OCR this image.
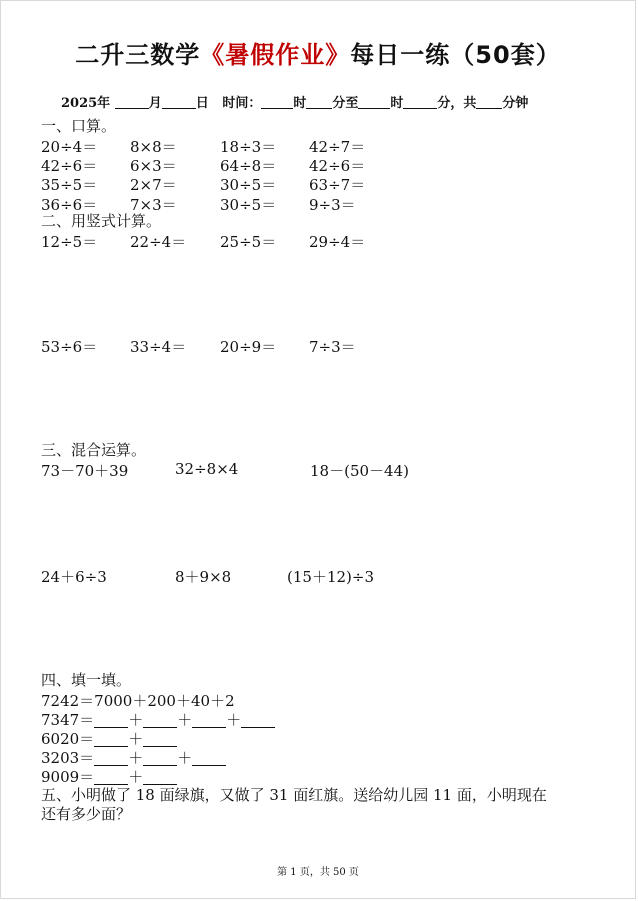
二升三数学《暑假作业》每日一练（50套）
2025年	月	日 时间： 时 分至 时	分，共 分钟
一、口算。
20÷4＝ 8×8＝	18÷3＝ 42÷7＝
42÷6＝ 6×3＝	64÷8＝ 42÷6＝
35÷5＝ 2×7＝	30÷5＝ 63÷7＝
36÷6＝ 7×3＝	30÷5＝ 9÷3＝
二、用竖式计算。
12÷5＝ 22÷4＝ 25÷5＝ 29÷4＝
53÷6＝ 33÷4＝ 20÷9＝ 7÷3＝
三、混合运算。
73－70＋39	32÷8×4	18－(50－44)
24＋6÷3	8＋9×8	(15＋12)÷3
四、填一填。
7242＝7000＋200＋40＋2
7347＝ ＋ ＋ ＋
6020＝ ＋
3203＝ ＋ ＋
9009＝ ＋
五、小明做了 18 面绿旗，又做了 31 面红旗。送给幼儿园 11 面，小明现在
还有多少面？
第 1 页，共 50 页
